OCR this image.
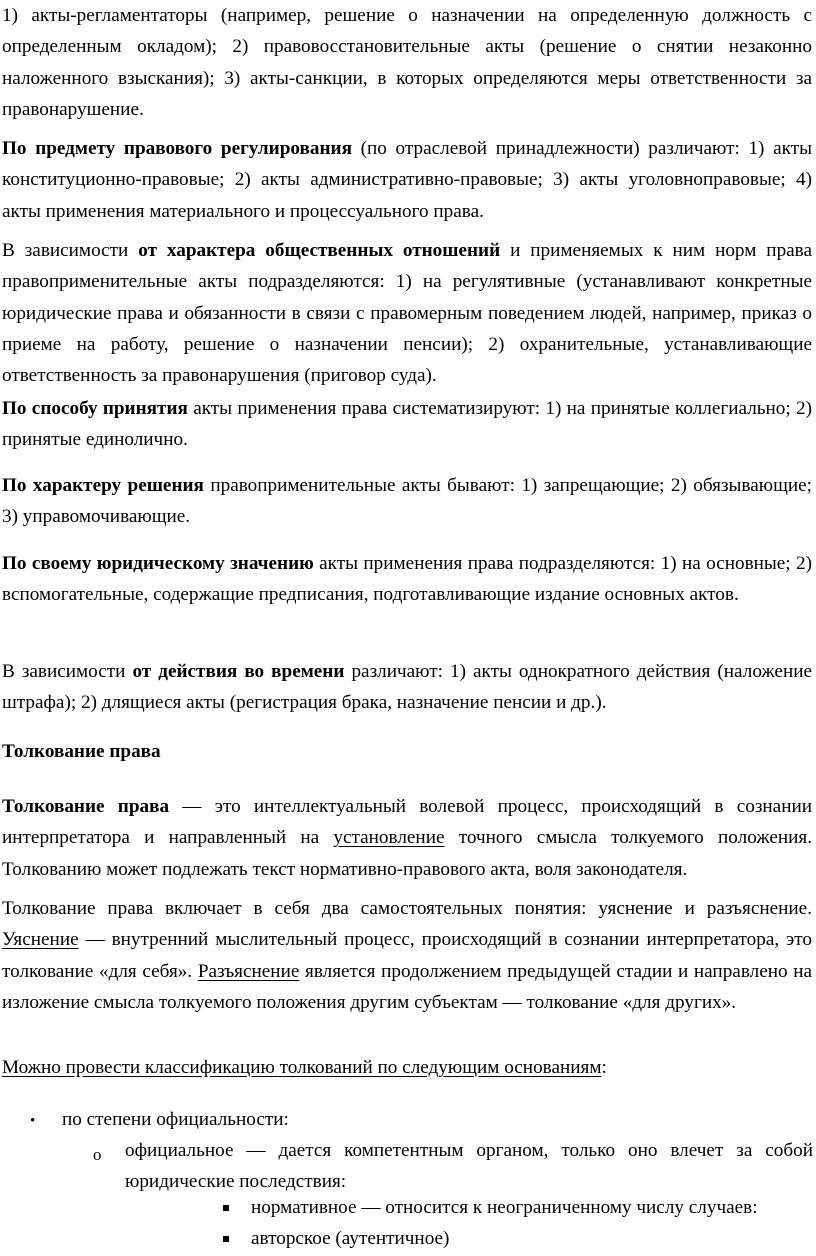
1) акты-регламентаторы (например, решение о назначении на определенную должность с определенным окладом); 2) правовосстановительные акты (решение о снятии незаконно наложенного взыскания); 3) акты-санкции, в которых определяются меры ответственности за правонарушение.

По предмету правового регулирования (по отраслевой принадлежности) различают: 1) акты конституционно-правовые; 2) акты административно-правовые; 3) акты уголовноправовые; 4) акты применения материального и процессуального права.

В зависимости от характера общественных отношений и применяемых к ним норм права правоприменительные акты подразделяются: 1) на регулятивные (устанавливают конкретные юридические права и обязанности в связи с правомерным поведением людей, например, приказ о приеме на работу, решение о назначении пенсии); 2) охранительные, устанавливающие ответственность за правонарушения (приговор суда).

По способу принятия акты применения права систематизируют: 1) на принятые коллегиально; 2) принятые единолично.

По характеру решения правоприменительные акты бывают: 1) запрещающие; 2) обязывающие; 3) управомочивающие.

По своему юридическому значению акты применения права подразделяются: 1) на основные; 2) вспомогательные, содержащие предписания, подготавливающие издание основных актов.

В зависимости от действия во времени различают: 1) акты однократного действия (наложение штрафа); 2) длящиеся акты (регистрация брака, назначение пенсии и др.).

Толкование права

Толкование права — это интеллектуальный волевой процесс, происходящий в сознании интерпретатора и направленный на установление точного смысла толкуемого положения. Толкованию может подлежать текст нормативно-правового акта, воля законодателя.

Толкование права включает в себя два самостоятельных понятия: уяснение и разъяснение. Уяснение — внутренний мыслительный процесс, происходящий в сознании интерпретатора, это толкование «для себя». Разъяснение является продолжением предыдущей стадии и направлено на изложение смысла толкуемого положения другим субъектам — толкование «для других».

Можно провести классификацию толкований по следующим основаниям:

• по степени официальности:

o официальное — дается компетентным органом, только оно влечет за собой юридические последствия:

нормативное — относится к неограниченному числу случаев:

авторское (аутентичное)
